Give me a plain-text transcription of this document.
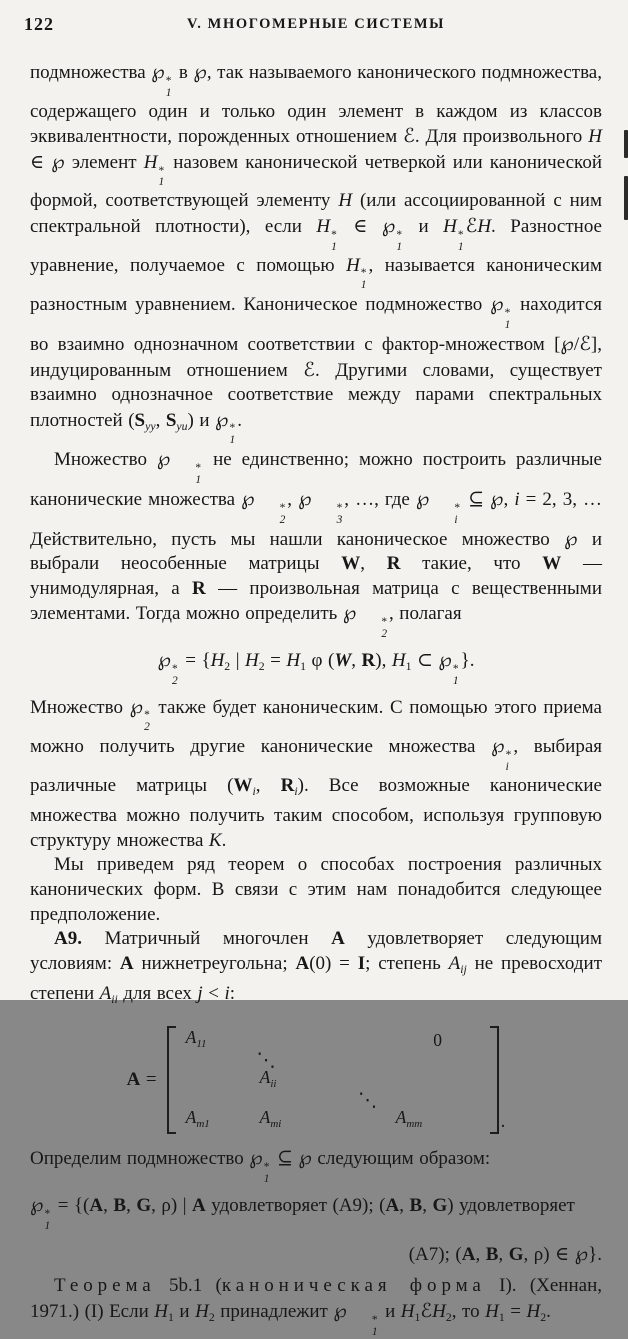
122	V. МНОГОМЕРНЫЕ СИСТЕМЫ

подмножества ℘ *
1
в ℘, так называемого канонического подмножества, содержащего один и только один элемент в каждом из классов эквивалентности, порожденных отношением ℰ. Для произвольного H ∈ ℘ элемент H *
1
назовем канонической четверкой или канонической формой, соответствующей элементу H (или ассоциированной с ним спектральной плотности), если H *
1
∈ ℘ *
1
и H *
1
ℰH. Разностное уравнение, получаемое с помощью H *
1
, называется каноническим разностным уравнением. Каноническое подмножество ℘ *
1
находится во взаимно однозначном соответствии с фактор-множеством [℘/ℰ], индуцированным отношением ℰ. Другими словами, существует взаимно однозначное соответствие между парами спектральных плотностей (Syy, Syu) и ℘ *
1
.

Множество ℘	*
1
не единственно; можно построить различные канонические множества ℘	*
2
, ℘	*
3
, …, где ℘	*
i
⊆ ℘, i = 2, 3, … Действительно, пусть мы нашли каноническое множество ℘ и выбрали неособенные матрицы W, R такие, что W — унимодулярная, а R — произвольная матрица с вещественными элементами. Тогда можно определить ℘	*
2
, полагая

℘ *
2
= {H2 | H2 = H1 φ (W, R), H1 ⊂ ℘ *
1
}.

Множество ℘ *
2
также будет каноническим. С помощью этого приема можно получить другие канонические множества ℘ *
i
, выбирая различные матрицы (Wi, Ri). Все возможные канонические множества можно получить таким способом, используя групповую структуру множества K.

Мы приведем ряд теорем о способах построения различных канонических форм. В связи с этим нам понадобится следующее предположение.

А9. Матричный многочлен A удовлетворяет следующим условиям: A нижнетреугольна; A(0) = I; степень Aij не превосходит степени Aii для всех j < i:

A =
$A_{11}$	0
⋱
$A_{ii}$
⋱
$A_{m1}$	$A_{mi}$	$A_{mm}$	.

Определим подмножество ℘ *
1
⊆ ℘ следующим образом:

℘ *
1
= {(A, B, G, ρ) | A удовлетворяет (А9); (A, B, G) удовлетворяет
(А7); (A, B, G, ρ) ∈ ℘}.

Теорема 5b.1 (каноническая форма I). (Хеннан, 1971.) (I) Если H1 и H2 принадлежит ℘	*
1
и H1ℰH2, то H1 = H2.
